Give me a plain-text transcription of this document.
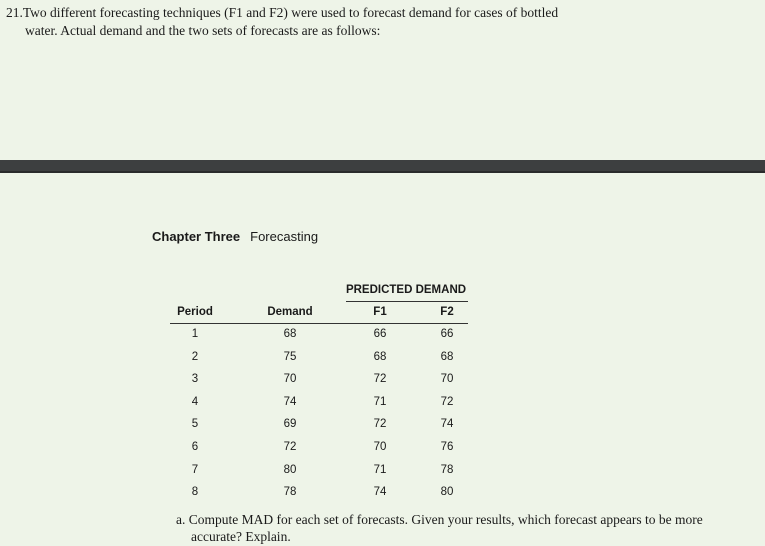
21.Two different forecasting techniques (F1 and F2) were used to forecast demand for cases of bottled
water. Actual demand and the two sets of forecasts are as follows:
Chapter Three Forecasting
PREDICTED DEMAND
Period	Demand	F1	F2
1	68	66	66
2	75	68	68
3	70	72	70
4	74	71	72
5	69	72	74
6	72	70	76
7	80	71	78
8	78	74	80
a. Compute MAD for each set of forecasts. Given your results, which forecast appears to be more
accurate? Explain.
